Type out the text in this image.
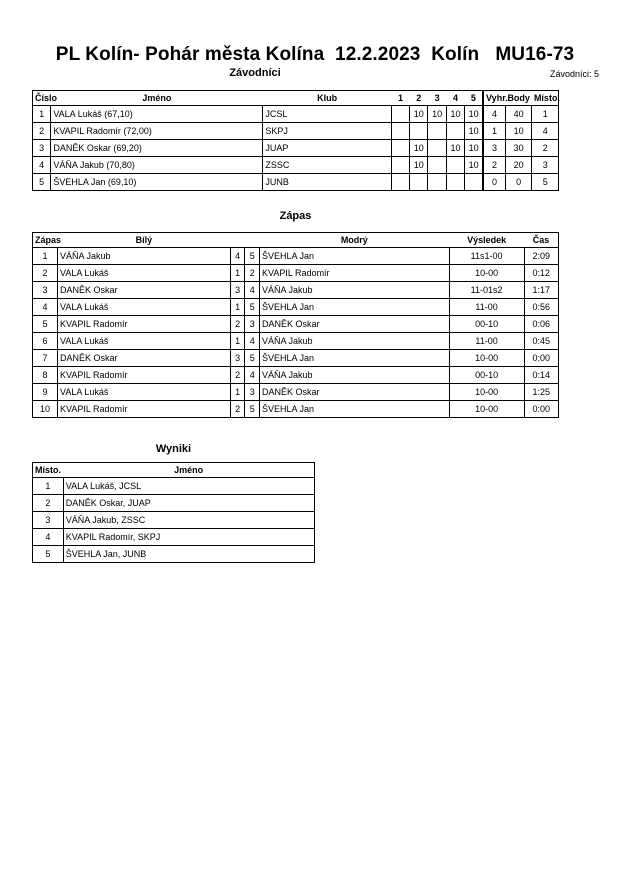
PL Kolín- Pohár města Kolína  12.2.2023  Kolín   MU16-73
Závodníci	Závodníci: 5
Číslo	Jméno	Klub	1	2	3	4	5	Vyhr.	Body	Místo.
1	VALA Lukáš (67,10)	JCSL		10	10	10	10	4	40	1
2	KVAPIL Radomír (72,00)	SKPJ					10	1	10	4
3	DANĚK Oskar (69,20)	JUAP		10		10	10	3	30	2
4	VÁŇA Jakub (70,80)	ZSSC		10			10	2	20	3
5	ŠVEHLA Jan (69,10)	JUNB						0	0	5
Zápas
Zápas	Bílý			Modrý	Výsledek	Čas
1	VÁŇA Jakub	4	5	ŠVEHLA Jan	11s1-00	2:09
2	VALA Lukáš	1	2	KVAPIL Radomír	10-00	0:12
3	DANĚK Oskar	3	4	VÁŇA Jakub	11-01s2	1:17
4	VALA Lukáš	1	5	ŠVEHLA Jan	11-00	0:56
5	KVAPIL Radomír	2	3	DANĚK Oskar	00-10	0:06
6	VALA Lukáš	1	4	VÁŇA Jakub	11-00	0:45
7	DANĚK Oskar	3	5	ŠVEHLA Jan	10-00	0:00
8	KVAPIL Radomír	2	4	VÁŇA Jakub	00-10	0:14
9	VALA Lukáš	1	3	DANĚK Oskar	10-00	1:25
10	KVAPIL Radomír	2	5	ŠVEHLA Jan	10-00	0:00
Wyniki
Místo.	Jméno
1	VALA Lukáš, JCSL
2	DANĚK Oskar, JUAP
3	VÁŇA Jakub, ZSSC
4	KVAPIL Radomír, SKPJ
5	ŠVEHLA Jan, JUNB
